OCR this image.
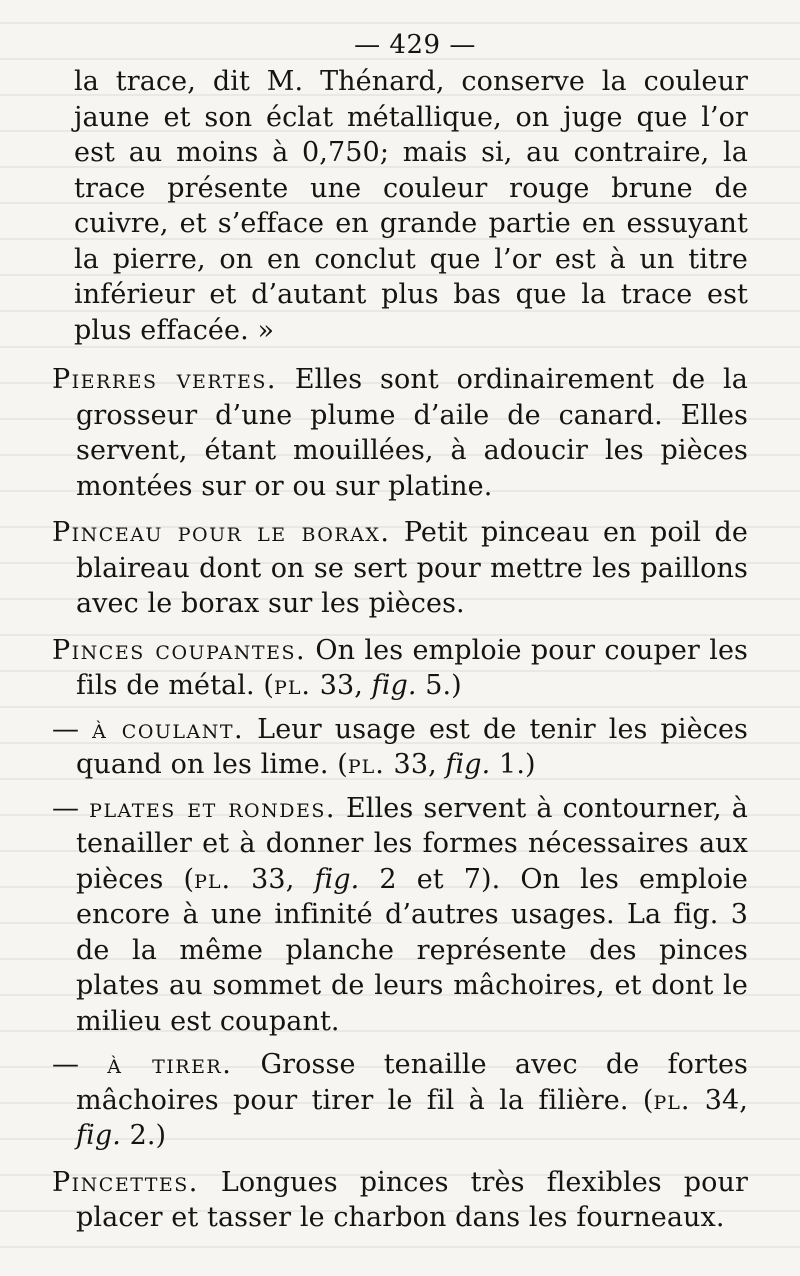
— 429 —

la trace, dit M. Thénard, conserve la couleur jaune et son éclat métallique, on juge que l’or est au moins à 0,750; mais si, au contraire, la trace présente une couleur rouge brune de cuivre, et s’efface en grande partie en essuyant la pierre, on en conclut que l’or est à un titre inférieur et d’autant plus bas que la trace est plus effacée. »

Pierres vertes. Elles sont ordinairement de la grosseur d’une plume d’aile de canard. Elles servent, étant mouillées, à adoucir les pièces montées sur or ou sur platine.

Pinceau pour le borax. Petit pinceau en poil de blaireau dont on se sert pour mettre les paillons avec le borax sur les pièces.

Pinces coupantes. On les emploie pour couper les fils de métal. (pl. 33, fig. 5.)

— à coulant. Leur usage est de tenir les pièces quand on les lime. (pl. 33, fig. 1.)

— plates et rondes. Elles servent à contourner, à tenailler et à donner les formes nécessaires aux pièces (pl. 33, fig. 2 et 7). On les emploie encore à une infinité d’autres usages. La fig. 3 de la même planche représente des pinces plates au sommet de leurs mâchoires, et dont le milieu est coupant.

— à tirer. Grosse tenaille avec de fortes mâchoires pour tirer le fil à la filière. (pl. 34, fig. 2.)

Pincettes. Longues pinces très flexibles pour placer et tasser le charbon dans les fourneaux.
